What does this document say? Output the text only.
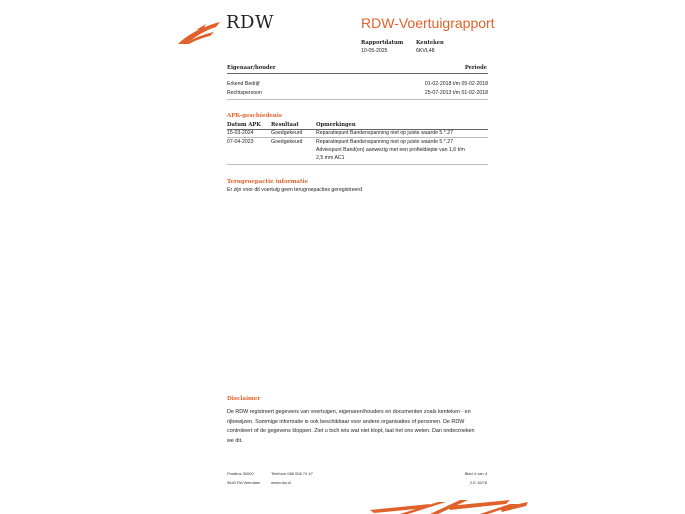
RDW	RDW-Voertuigrapport
Rapportdatum
10-05-2025
Kenteken
6KVL48
Eigenaar/houder	Periode
Erkend Bedrijf	01-02-2018 t/m 05-02-2018
Rechtspersoon	25-07-2013 t/m 01-02-2018
APK-geschiedenis
Datum APK Resultaat	Opmerkingen
15-03-2024	Goedgekeurd	Reparatiepunt Bandenspanning niet op juiste waarde 5.*.27
07-04-2023	Goedgekeurd	Reparatiepunt Bandenspanning niet op juiste waarde 5.*.27
Adviespunt Band(en) aanwezig met een profieldiepte van 1,6 t/m
2,5 mm AC1
Terugroepactie informatie
Er zijn voor dit voertuig geen terugroepacties geregistreerd
Disclaimer
De RDW registreert gegevens van voertuigen, eigenaren/houders en documenten zoals kenteken - en
rijbewijzen. Sommige informatie is ook beschikbaar voor andere organisaties of personen. De RDW
controleert of de gegevens kloppen. Ziet u toch iets wat niet klopt, laat het ons weten. Dan onderzoeken
we dit.
Postbus 30000
9640 RA Veendam
Telefoon 088 008 74 47
www.rdw.nl
Blad 4 van 4
2.E.16/78
